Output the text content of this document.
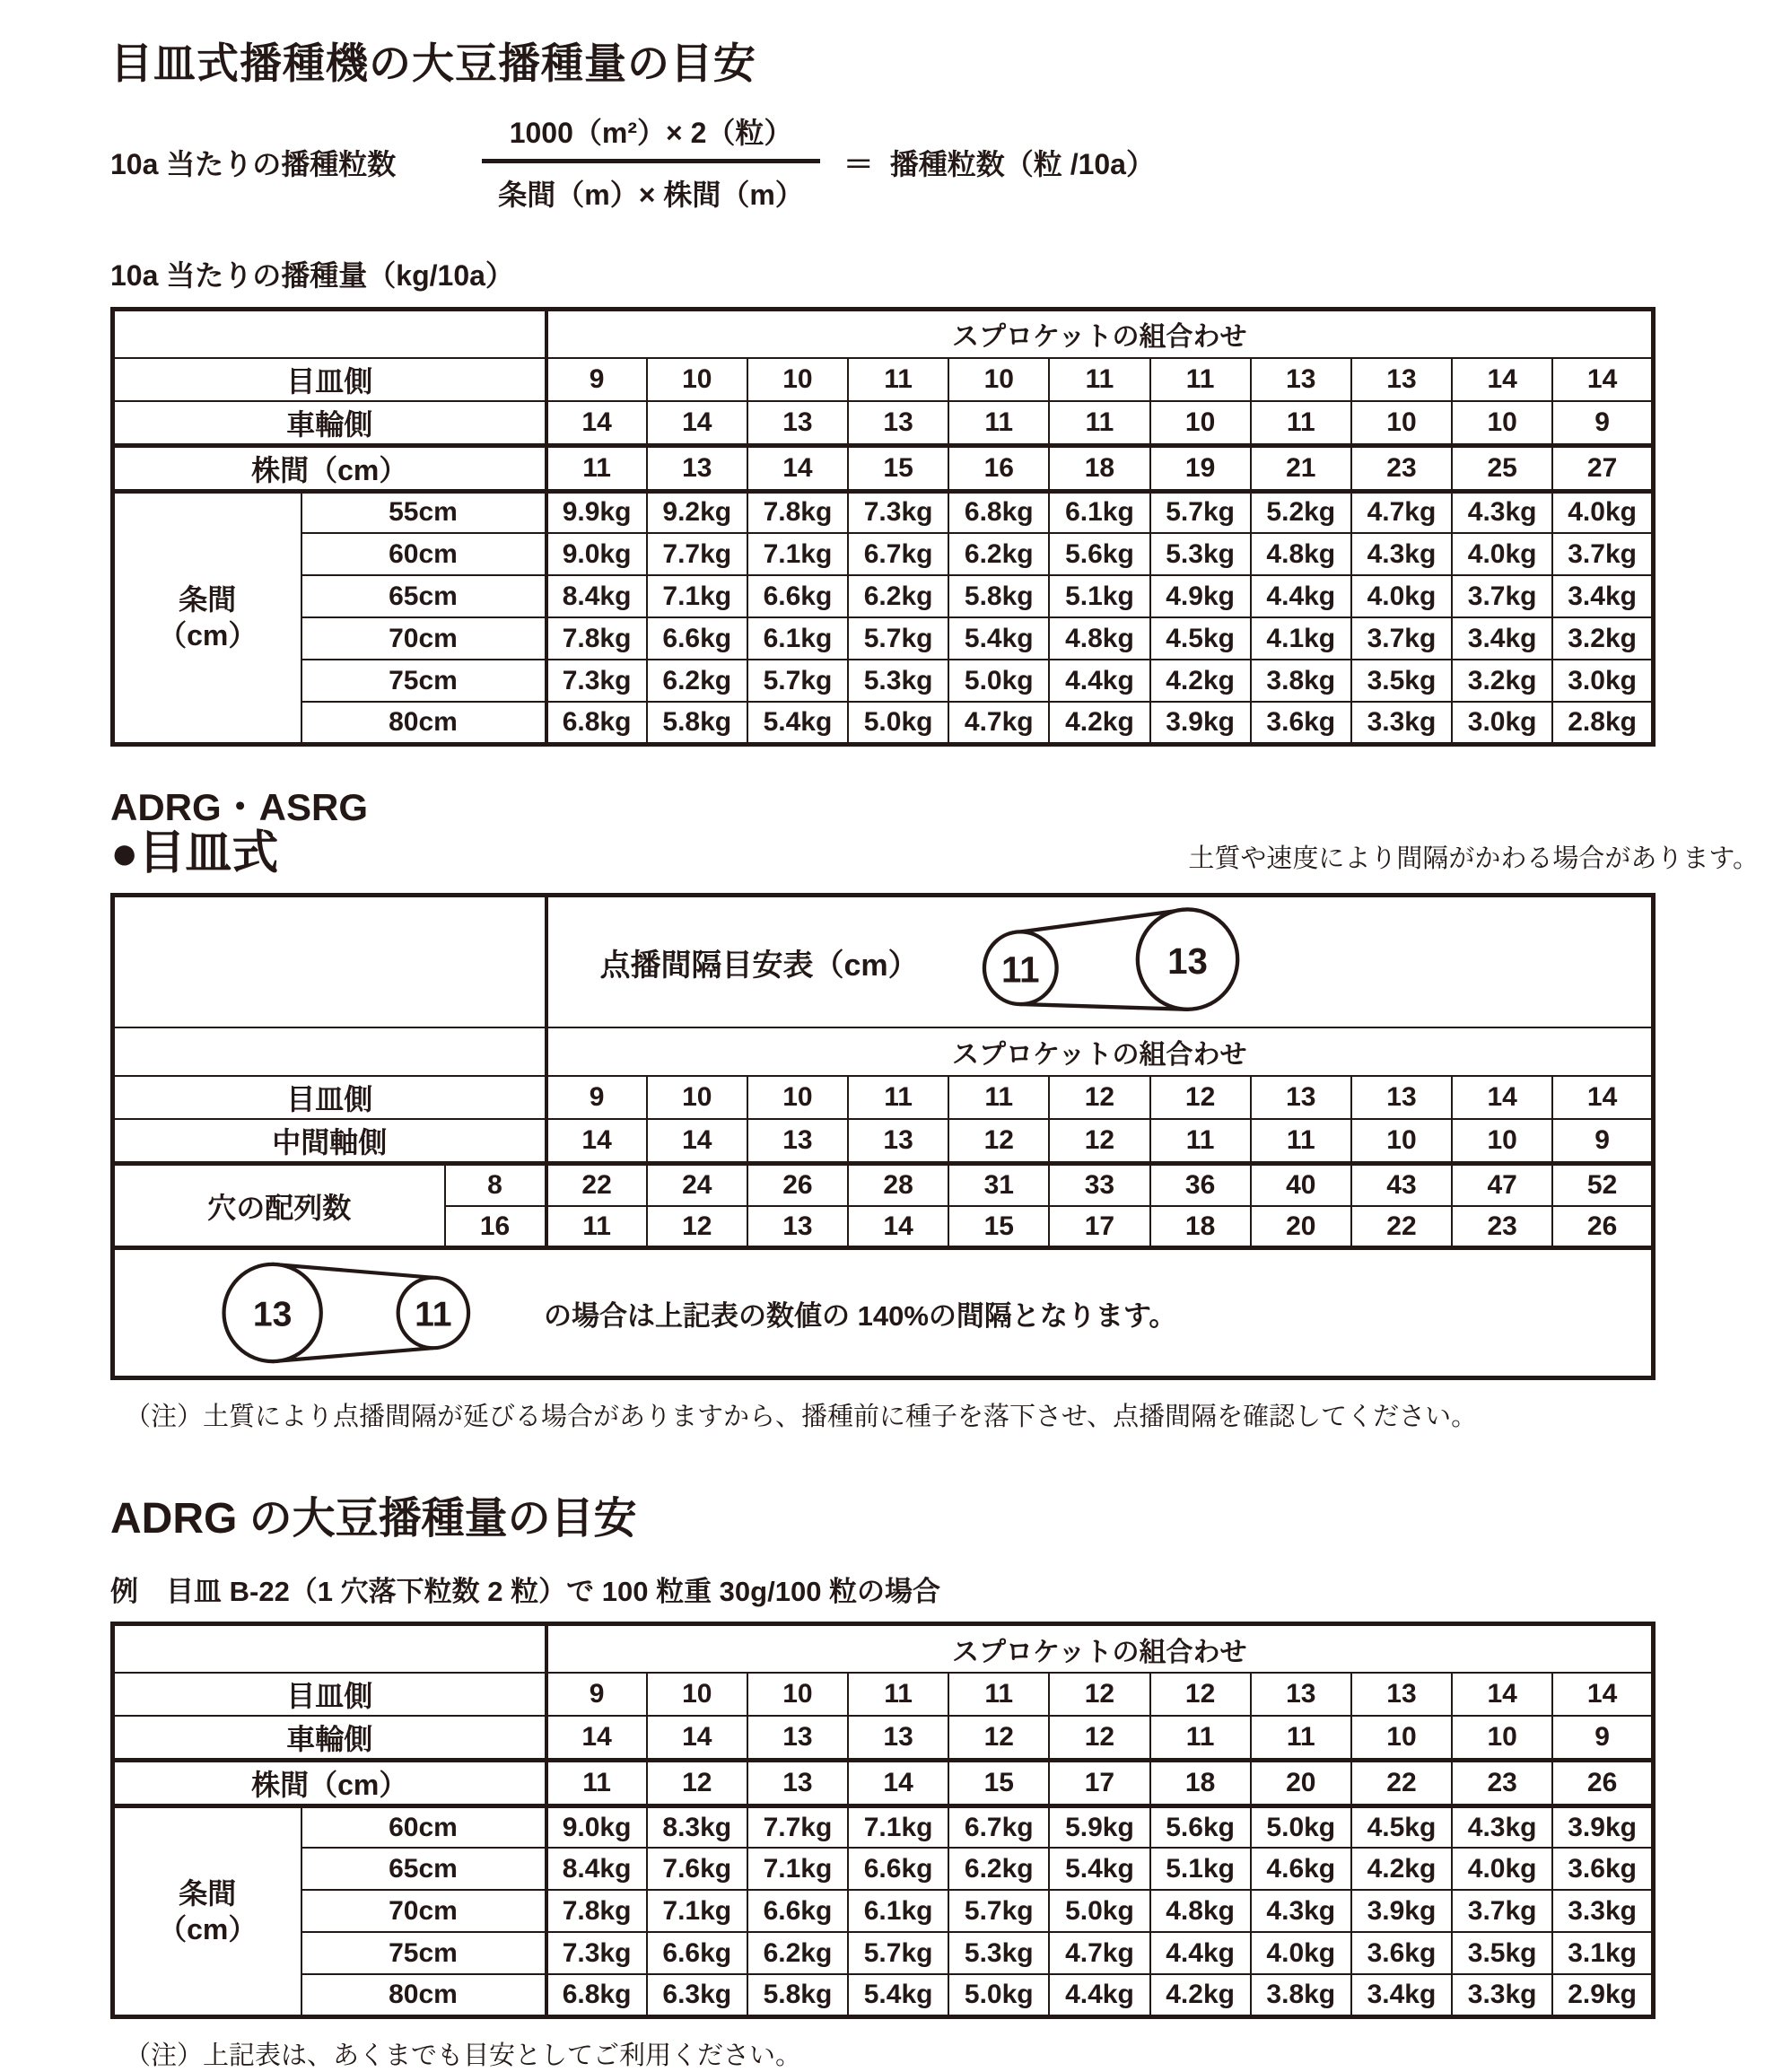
目皿式播種機の大豆播種量の目安
10a 当たりの播種粒数	$\frac{\text{1000（m²）× 2（粒）}}{\text{条間（m）× 株間（m）}}$ ＝ 播種粒数（粒 /10a）
10a 当たりの播種量（kg/10a）
		スプロケットの組合わせ										
目皿側		9	10	10	11	10	11	11	13	13	14	14
車輪側		14	14	13	13	11	11	10	11	10	10	9
株間（cm）		11	13	14	15	16	18	19	21	23	25	27

条間
（cm）	55cm	9.9kg	9.2kg	7.8kg	7.3kg	6.8kg	6.1kg	5.7kg	5.2kg	4.7kg	4.3kg	4.0kg
	60cm	9.0kg	7.7kg	7.1kg	6.7kg	6.2kg	5.6kg	5.3kg	4.8kg	4.3kg	4.0kg	3.7kg
	65cm	8.4kg	7.1kg	6.6kg	6.2kg	5.8kg	5.1kg	4.9kg	4.4kg	4.0kg	3.7kg	3.4kg
	70cm	7.8kg	6.6kg	6.1kg	5.7kg	5.4kg	4.8kg	4.5kg	4.1kg	3.7kg	3.4kg	3.2kg
	75cm	7.3kg	6.2kg	5.7kg	5.3kg	5.0kg	4.4kg	4.2kg	3.8kg	3.5kg	3.2kg	3.0kg
	80cm	6.8kg	5.8kg	5.4kg	5.0kg	4.7kg	4.2kg	3.9kg	3.6kg	3.3kg	3.0kg	2.8kg
ADRG・ASRG
●目皿式	土質や速度により間隔がかわる場合があります。

		点播間隔目安表（cm） 11 13										

		スプロケットの組合わせ										
目皿側		9	10	10	11	11	12	12	13	13	14	14
中間軸側		14	14	13	13	12	12	11	11	10	10	9
穴の配列数	8	22	24	26	28	31	33	36	40	43	47	52
	16	11	12	13	14	15	17	18	20	22	23	26

13 11 の場合は上記表の数値の 140%の間隔となります。												
（注）土質により点播間隔が延びる場合がありますから、播種前に種子を落下させ、点播間隔を確認してください。
ADRG の大豆播種量の目安
例　目皿 B-22（1 穴落下粒数 2 粒）で 100 粒重 30g/100 粒の場合
		スプロケットの組合わせ										
目皿側		9	10	10	11	11	12	12	13	13	14	14
車輪側		14	14	13	13	12	12	11	11	10	10	9
株間（cm）		11	12	13	14	15	17	18	20	22	23	26

条間
（cm）	60cm	9.0kg	8.3kg	7.7kg	7.1kg	6.7kg	5.9kg	5.6kg	5.0kg	4.5kg	4.3kg	3.9kg
	65cm	8.4kg	7.6kg	7.1kg	6.6kg	6.2kg	5.4kg	5.1kg	4.6kg	4.2kg	4.0kg	3.6kg
	70cm	7.8kg	7.1kg	6.6kg	6.1kg	5.7kg	5.0kg	4.8kg	4.3kg	3.9kg	3.7kg	3.3kg
	75cm	7.3kg	6.6kg	6.2kg	5.7kg	5.3kg	4.7kg	4.4kg	4.0kg	3.6kg	3.5kg	3.1kg
	80cm	6.8kg	6.3kg	5.8kg	5.4kg	5.0kg	4.4kg	4.2kg	3.8kg	3.4kg	3.3kg	2.9kg
（注）上記表は、あくまでも目安としてご利用ください。
